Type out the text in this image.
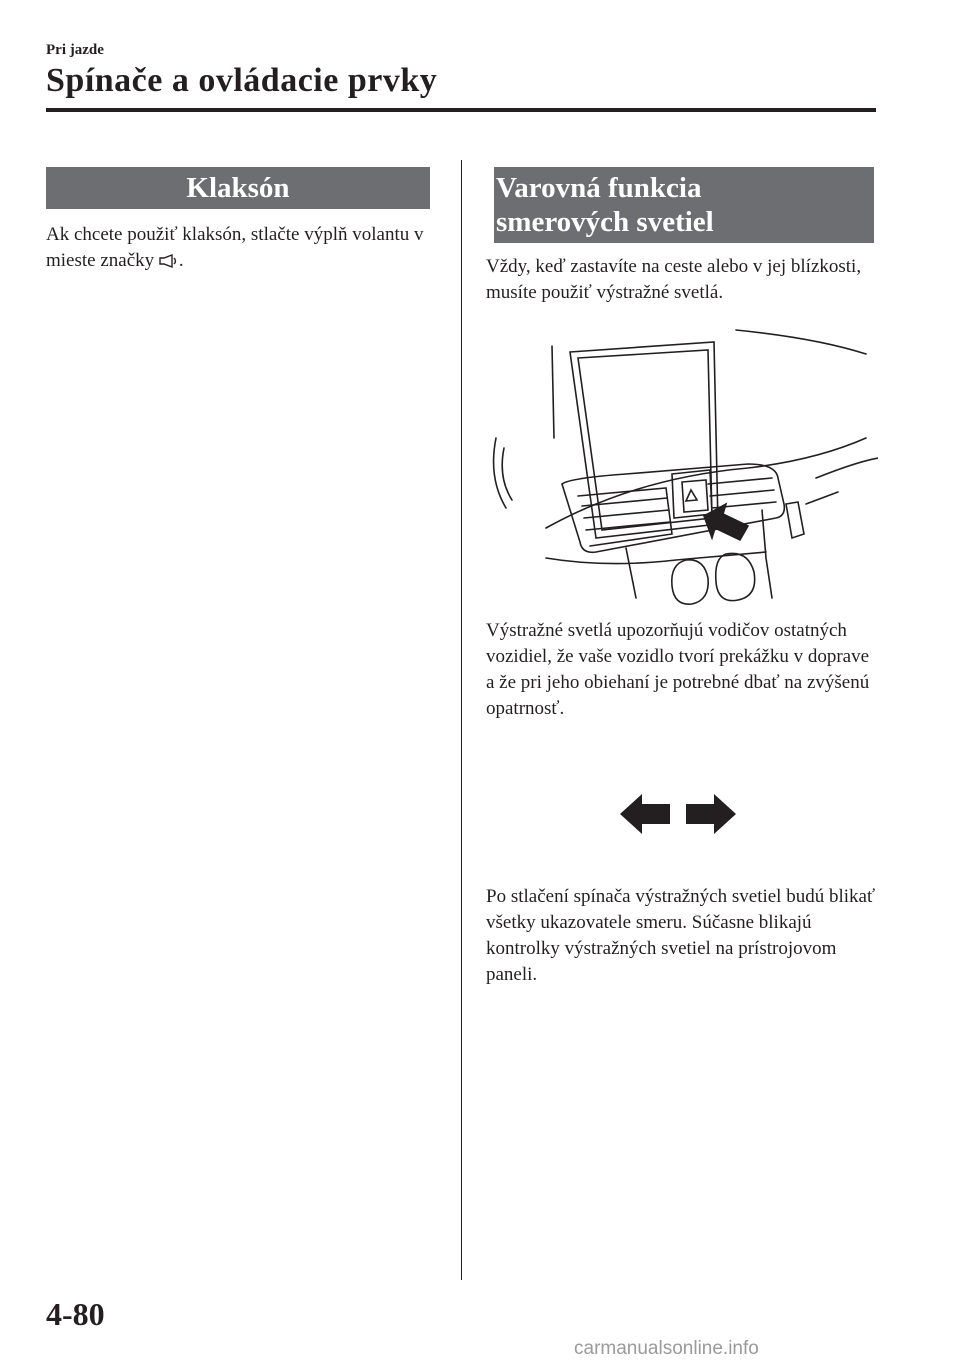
Pri jazde
Spínače a ovládacie prvky
Klaksón
Ak chcete použiť klaksón, stlačte výplň volantu v mieste značky .
Varovná funkcia
smerových svetiel
Vždy, keď zastavíte na ceste alebo v jej blízkosti, musíte použiť výstražné svetlá.
Výstražné svetlá upozorňujú vodičov ostatných vozidiel, že vaše vozidlo tvorí prekážku v doprave a že pri jeho obiehaní je potrebné dbať na zvýšenú opatrnosť.
Po stlačení spínača výstražných svetiel budú blikať všetky ukazovatele smeru. Súčasne blikajú kontrolky výstražných svetiel na prístrojovom paneli.
4-80
carmanualsonline.info
